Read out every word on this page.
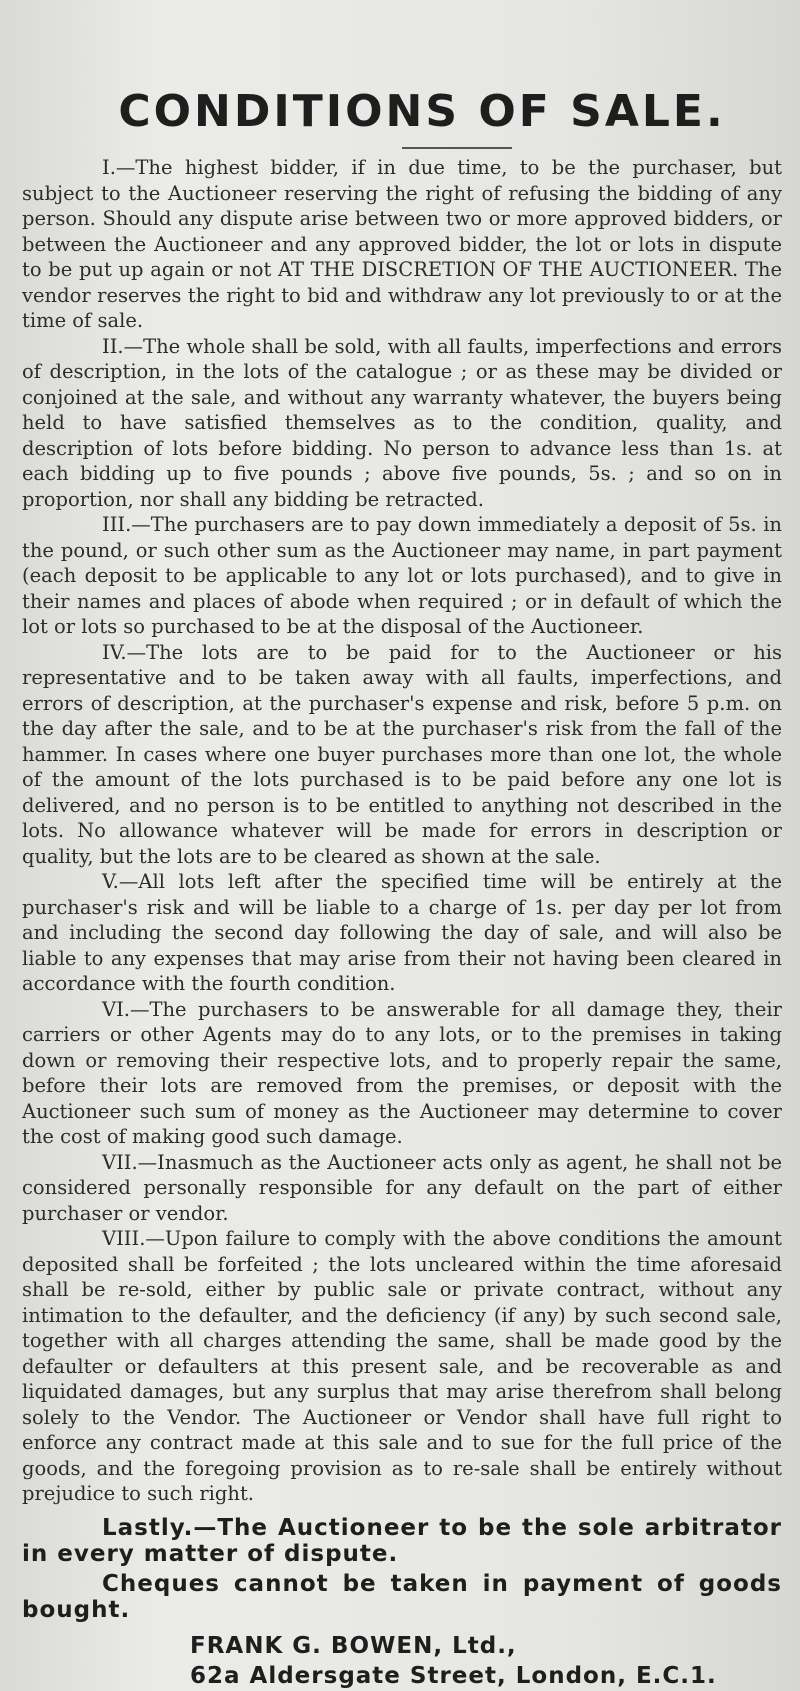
CONDITIONS OF SALE.

I.—The highest bidder, if in due time, to be the purchaser, but subject to the Auctioneer reserving the right of refusing the bidding of any person. Should any dispute arise between two or more approved bidders, or between the Auctioneer and any approved bidder, the lot or lots in dispute to be put up again or not AT THE DISCRETION OF THE AUCTIONEER. The vendor reserves the right to bid and withdraw any lot previously to or at the time of sale.

II.—The whole shall be sold, with all faults, imperfections and errors of description, in the lots of the catalogue ; or as these may be divided or conjoined at the sale, and without any warranty whatever, the buyers being held to have satisfied themselves as to the condition, quality, and description of lots before bidding. No person to advance less than 1s. at each bidding up to five pounds ; above five pounds, 5s. ; and so on in proportion, nor shall any bidding be retracted.

III.—The purchasers are to pay down immediately a deposit of 5s. in the pound, or such other sum as the Auctioneer may name, in part payment (each deposit to be applicable to any lot or lots purchased), and to give in their names and places of abode when required ; or in default of which the lot or lots so purchased to be at the disposal of the Auctioneer.

IV.—The lots are to be paid for to the Auctioneer or his representative and to be taken away with all faults, imperfections, and errors of description, at the purchaser's expense and risk, before 5 p.m. on the day after the sale, and to be at the purchaser's risk from the fall of the hammer. In cases where one buyer purchases more than one lot, the whole of the amount of the lots purchased is to be paid before any one lot is delivered, and no person is to be entitled to anything not described in the lots. No allowance whatever will be made for errors in description or quality, but the lots are to be cleared as shown at the sale.

V.—All lots left after the specified time will be entirely at the purchaser's risk and will be liable to a charge of 1s. per day per lot from and including the second day following the day of sale, and will also be liable to any expenses that may arise from their not having been cleared in accordance with the fourth condition.

VI.—The purchasers to be answerable for all damage they, their carriers or other Agents may do to any lots, or to the premises in taking down or removing their respective lots, and to properly repair the same, before their lots are removed from the premises, or deposit with the Auctioneer such sum of money as the Auctioneer may determine to cover the cost of making good such damage.

VII.—Inasmuch as the Auctioneer acts only as agent, he shall not be considered personally responsible for any default on the part of either purchaser or vendor.

VIII.—Upon failure to comply with the above conditions the amount deposited shall be forfeited ; the lots uncleared within the time aforesaid shall be re-sold, either by public sale or private contract, without any intimation to the defaulter, and the deficiency (if any) by such second sale, together with all charges attending the same, shall be made good by the defaulter or defaulters at this present sale, and be recoverable as and liquidated damages, but any surplus that may arise therefrom shall belong solely to the Vendor. The Auctioneer or Vendor shall have full right to enforce any contract made at this sale and to sue for the full price of the goods, and the foregoing provision as to re-sale shall be entirely without prejudice to such right.

Lastly.—The Auctioneer to be the sole arbitrator in every matter of dispute.

Cheques cannot be taken in payment of goods bought.

FRANK G. BOWEN, Ltd.,
62a Aldersgate Street, London, E.C.1.
